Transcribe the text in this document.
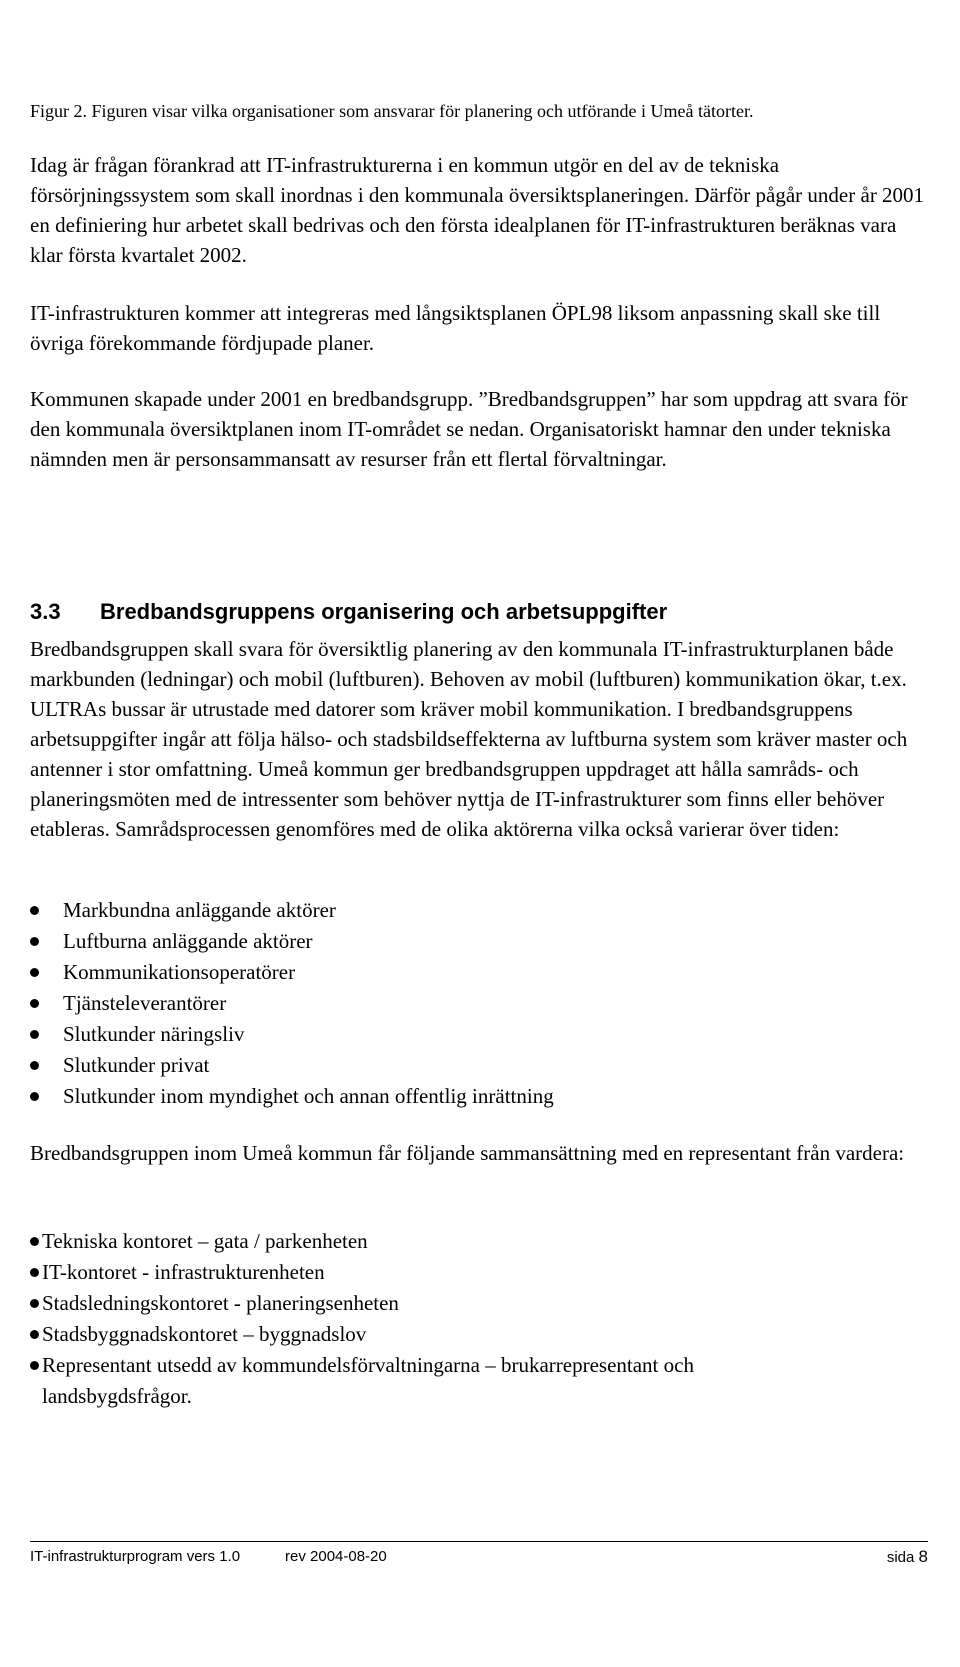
Figur 2. Figuren visar vilka organisationer som ansvarar för planering och utförande i Umeå tätorter.

Idag är frågan förankrad att IT-infrastrukturerna i en kommun utgör en del av de tekniska försörjningssystem som skall inordnas i den kommunala översiktsplaneringen. Därför pågår under år 2001 en definiering hur arbetet skall bedrivas och den första idealplanen för IT-infrastrukturen beräknas vara klar första kvartalet 2002.

IT-infrastrukturen kommer att integreras med långsiktsplanen ÖPL98 liksom anpassning skall ske till övriga förekommande fördjupade planer.

Kommunen skapade under 2001 en bredbandsgrupp. ”Bredbandsgruppen” har som uppdrag att svara för den kommunala översiktplanen inom IT-området se nedan. Organisatoriskt hamnar den under tekniska nämnden men är personsammansatt av resurser från ett flertal förvaltningar.

3.3 Bredbandsgruppens organisering och arbetsuppgifter

Bredbandsgruppen skall svara för översiktlig planering av den kommunala IT-infrastrukturplanen både markbunden (ledningar) och mobil (luftburen). Behoven av mobil (luftburen) kommunikation ökar, t.ex. ULTRAs bussar är utrustade med datorer som kräver mobil kommunikation. I bredbandsgruppens arbetsuppgifter ingår att följa hälso- och stadsbildseffekterna av luftburna system som kräver master och antenner i stor omfattning. Umeå kommun ger bredbandsgruppen uppdraget att hålla samråds- och planeringsmöten med de intressenter som behöver nyttja de IT-infrastrukturer som finns eller behöver etableras. Samrådsprocessen genomföres med de olika aktörerna vilka också varierar över tiden:

Markbundna anläggande aktörer
Luftburna anläggande aktörer
Kommunikationsoperatörer
Tjänsteleverantörer
Slutkunder näringsliv
Slutkunder privat
Slutkunder inom myndighet och annan offentlig inrättning

Bredbandsgruppen inom Umeå kommun får följande sammansättning med en representant från vardera:

Tekniska kontoret – gata / parkenheten
IT-kontoret - infrastrukturenheten
Stadsledningskontoret - planeringsenheten
Stadsbyggnadskontoret – byggnadslov
Representant utsedd av kommundelsförvaltningarna – brukarrepresentant och landsbygdsfrågor.
IT-infrastrukturprogram vers 1.0	rev 2004-08-20	sida 8
